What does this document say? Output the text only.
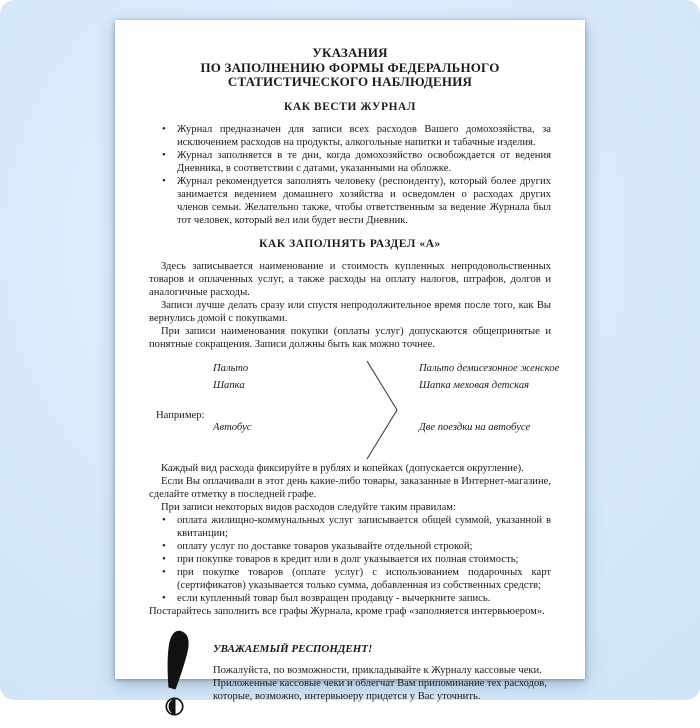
УКАЗАНИЯ
ПО ЗАПОЛНЕНИЮ ФОРМЫ ФЕДЕРАЛЬНОГО
СТАТИСТИЧЕСКОГО НАБЛЮДЕНИЯ
КАК ВЕСТИ ЖУРНАЛ
• Журнал предназначен для записи всех расходов Вашего домохозяйства, за исключением расходов на продукты, алкогольные напитки и табачные изделия.
• Журнал заполняется в те дни, когда домохозяйство освобождается от ведения Дневника, в соответствии с датами, указанными на обложке.
• Журнал рекомендуется заполнять человеку (респонденту), который более других занимается ведением домашнего хозяйства и осведомлен о расходах других членов семьи. Желательно также, чтобы ответственным за ведение Журнала был тот человек, который вел или будет вести Дневник.
КАК ЗАПОЛНЯТЬ РАЗДЕЛ «А»

Здесь записывается наименование и стоимость купленных непродовольственных товаров и оплаченных услуг, а также расходы на оплату налогов, штрафов, долгов и аналогичные расходы.

Записи лучше делать сразу или спустя непродолжительное время после того, как Вы вернулись домой с покупками.

При записи наименования покупки (оплаты услуг) допускаются общепринятые и понятные сокращения. Записи должны быть как можно точнее.

Например:
Пальто
Шапка
Автобус
Пальто демисезонное женское
Шапка меховая детская
Две поездки на автобусе

Каждый вид расхода фиксируйте в рублях и копейках (допускается округление).

Если Вы оплачивали в этот день какие-либо товары, заказанные в Интернет-магазине, сделайте отметку в последней графе.

При записи некоторых видов расходов следуйте таким правилам:

• оплата жилищно-коммунальных услуг записывается общей суммой, указанной в квитанции;
• оплату услуг по доставке товаров указывайте отдельной строкой;
• при покупке товаров в кредит или в долг указывается их полная стоимость;
• при покупке товаров (оплате услуг) с использованием подарочных карт (сертификатов) указывается только сумма, добавленная из собственных средств;
• если купленный товар был возвращен продавцу - вычеркните запись.

Постарайтесь заполнить все графы Журнала, кроме граф «заполняется интервьюером».

УВАЖАЕМЫЙ РЕСПОНДЕНТ!
Пожалуйста, по возможности, прикладывайте к Журналу кассовые чеки.
Приложенные кассовые чеки и облегчат Вам припоминание тех расходов, которые, возможно, интервьюеру придется у Вас уточнить.
